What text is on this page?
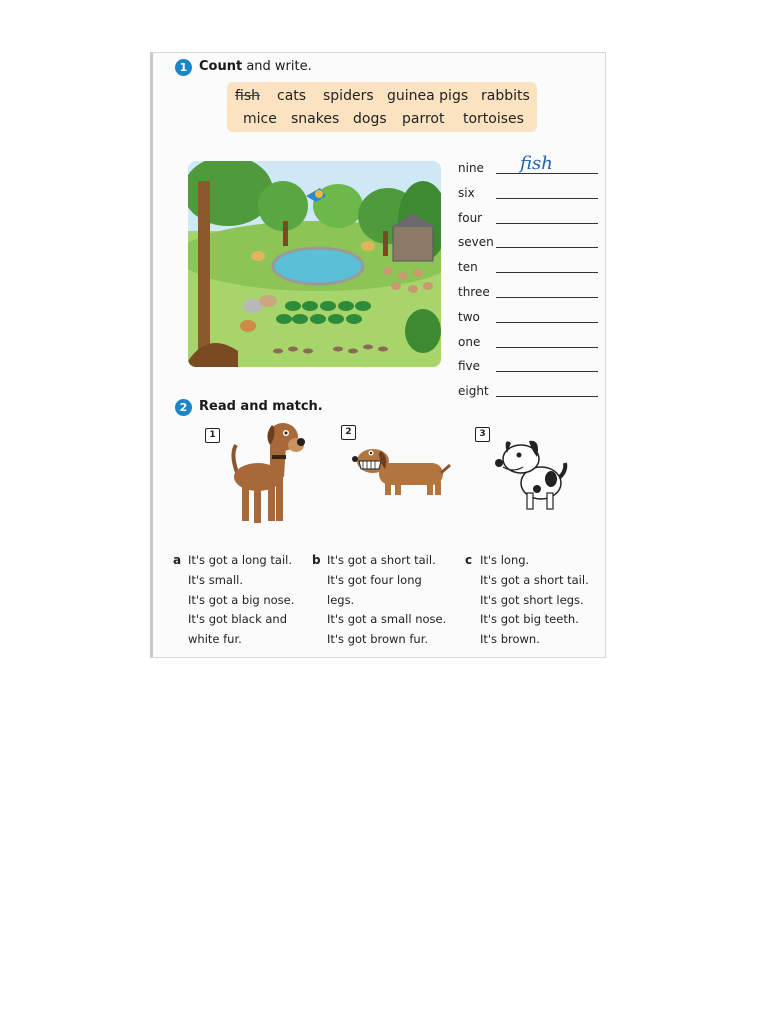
1 Count and write.
fish cats spiders guinea pigs rabbits
mice snakes dogs parrot tortoises
nine fish
six
four
seven
ten
three
two
one
five
eight
2 Read and match.
1	2	3
a It's got a long tail.
It's small.
It's got a big nose.
It's got black and
white fur.
b It's got a short tail.
It's got four long
legs.
It's got a small nose.
It's got brown fur.
c It's long.
It's got a short tail.
It's got short legs.
It's got big teeth.
It's brown.
